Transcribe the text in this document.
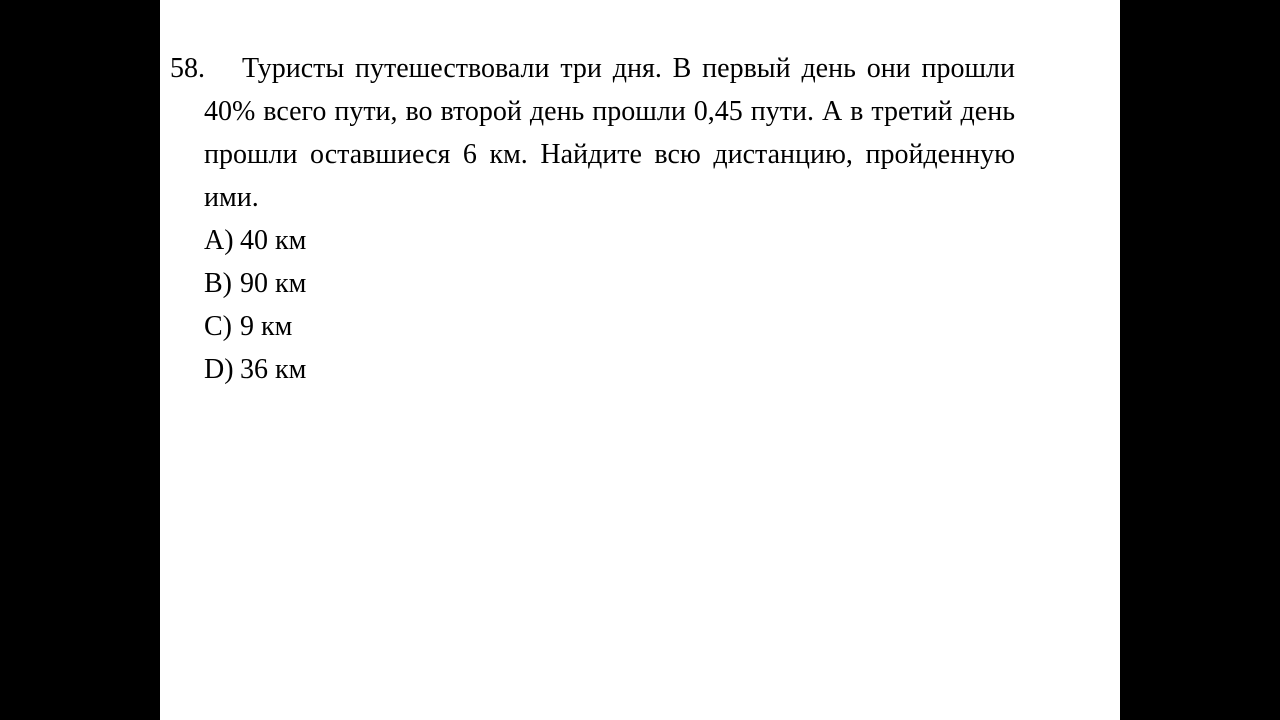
58.	Туристы путешествовали три дня. В первый день они прошли 40% всего пути, во второй день прошли 0,45 пути. А в третий день прошли оставшиеся 6 км. Найдите всю дистанцию, пройденную ими.

A) 40 км
B) 90 км
C) 9 км
D) 36 км
